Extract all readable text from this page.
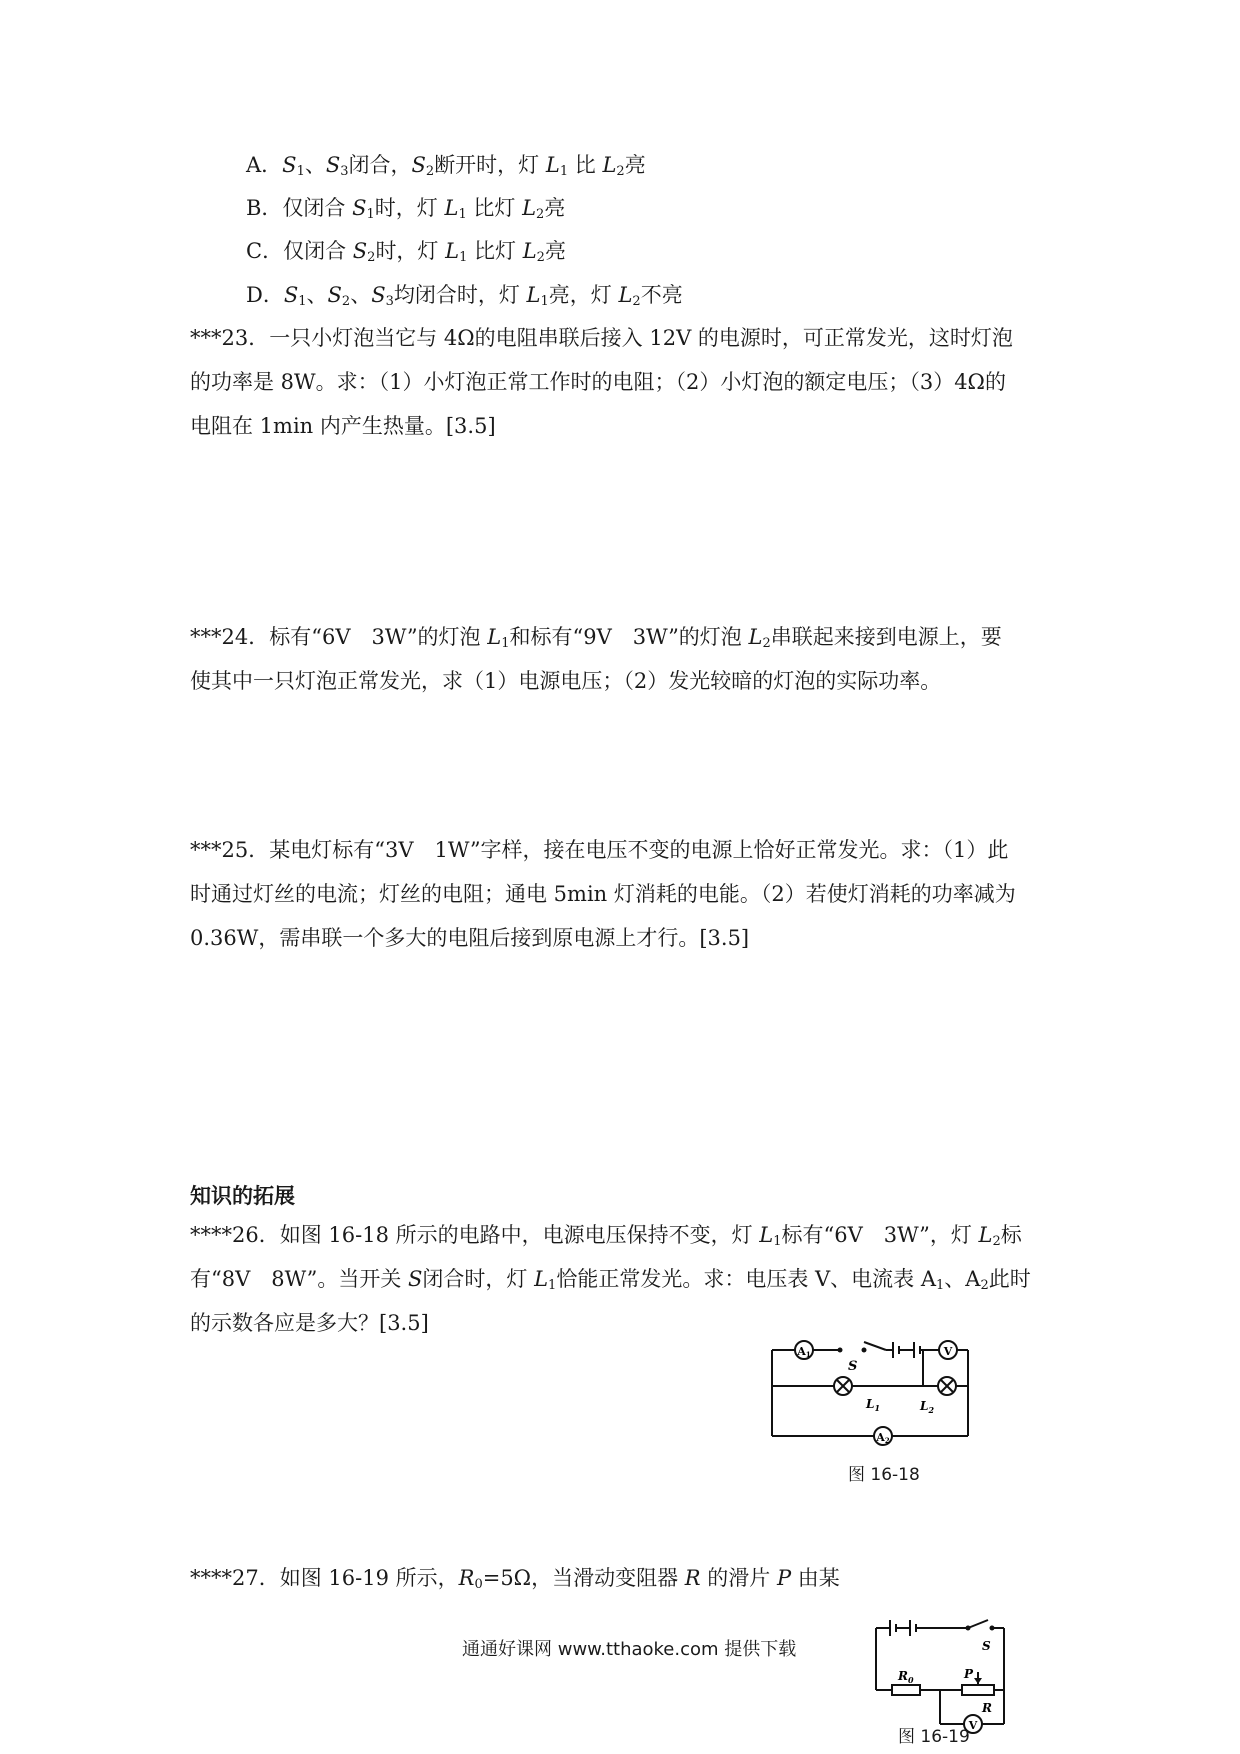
A．$S_1$、$S_3$闭合，$S_2$断开时，灯 $L_1$ 比 $L_2$亮
B．仅闭合 $S_1$时，灯 $L_1$ 比灯 $L_2$亮
C．仅闭合 $S_2$时，灯 $L_1$ 比灯 $L_2$亮
D．$S_1$、$S_2$、$S_3$均闭合时，灯 $L_1$亮，灯 $L_2$不亮
***23．一只小灯泡当它与 4Ω的电阻串联后接入 12V 的电源时，可正常发光，这时灯泡
的功率是 8W。求：（1）小灯泡正常工作时的电阻；（2）小灯泡的额定电压；（3）4Ω的
电阻在 1min 内产生热量。[3.5]
***24．标有“6V　3W”的灯泡 $L_1$和标有“9V　3W”的灯泡 $L_2$串联起来接到电源上，要
使其中一只灯泡正常发光，求（1）电源电压；（2）发光较暗的灯泡的实际功率。
***25．某电灯标有“3V　1W”字样，接在电压不变的电源上恰好正常发光。求：（1）此
时通过灯丝的电流；灯丝的电阻；通电 5min 灯消耗的电能。（2）若使灯消耗的功率减为
0.36W，需串联一个多大的电阻后接到原电源上才行。[3.5]
知识的拓展
****26．如图 16-18 所示的电路中，电源电压保持不变，灯 $L_1$标有“6V　3W”，灯 $L_2$标
有“8V　8W”。当开关 S闭合时，灯 $L_1$恰能正常发光。求：电压表 V、电流表 $A_1$、$A_2$此时
的示数各应是多大？[3.5]
A1
S
V
$L_1$	$L_2$
A2
图 16-18
****27．如图 16-19 所示，$R_0=5\Omega$，当滑动变阻器 R 的滑片 P 由某
S
$R_0$	P
R
V
图 16-19
通通好课网 www.tthaoke.com 提供下载
